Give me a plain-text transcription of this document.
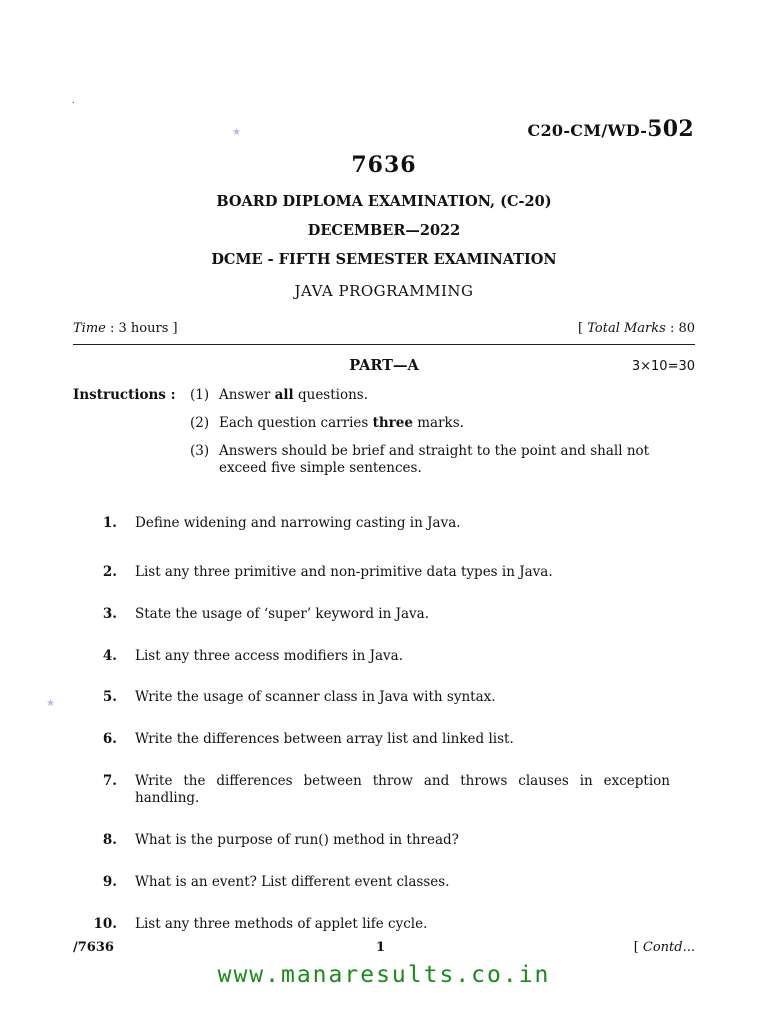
.
★
★
C20-CM/WD-502
7636
BOARD DIPLOMA EXAMINATION, (C-20)
DECEMBER—2022
DCME - FIFTH SEMESTER EXAMINATION
JAVA PROGRAMMING
Time : 3 hours ]	[ Total Marks : 80
PART—A	3×10=30
Instructions : (1) Answer all questions.
(2) Each question carries three marks.
(3) Answers should be brief and straight to the point and shall not exceed five simple sentences.
1.	Define widening and narrowing casting in Java.
2.	List any three primitive and non-primitive data types in Java.
3.	State the usage of ‘super’ keyword in Java.
4.	List any three access modifiers in Java.
5.	Write the usage of scanner class in Java with syntax.
6.	Write the differences between array list and linked list.
7.	Write the differences between throw and throws clauses in exception handling.
8.	What is the purpose of run() method in thread?
9.	What is an event? List different event classes.
10.	List any three methods of applet life cycle.
/7636	1	[ Contd...
www.manaresults.co.in
